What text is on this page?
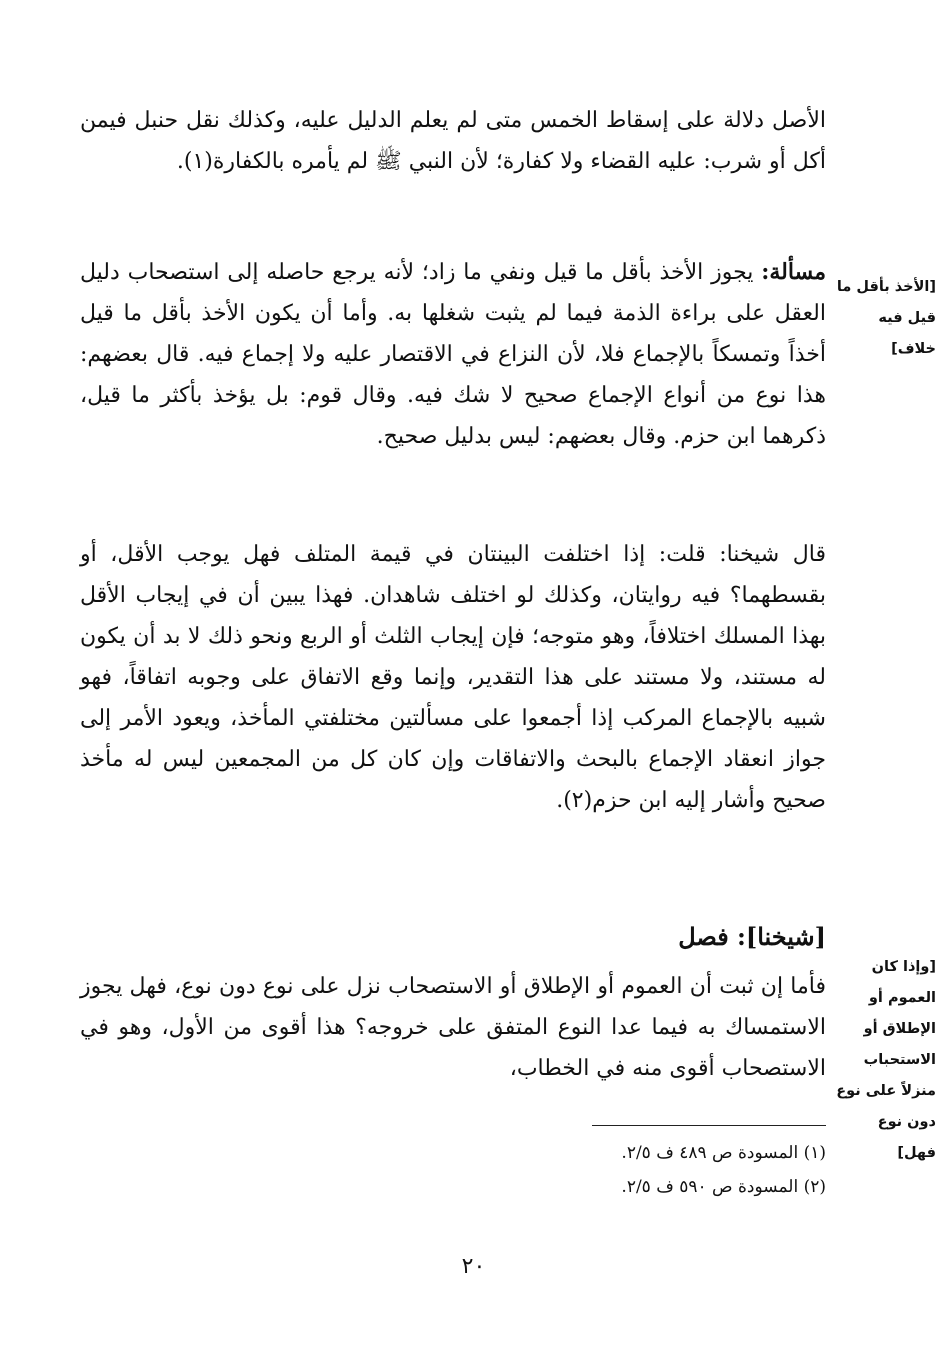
الأصل دلالة على إسقاط الخمس متى لم يعلم الدليل عليه، وكذلك نقل حنبل فيمن أكل أو شرب: عليه القضاء ولا كفارة؛ لأن النبي ﷺ لم يأمره بالكفارة(١).

مسألة: يجوز الأخذ بأقل ما قيل ونفي ما زاد؛ لأنه يرجع حاصله إلى استصحاب دليل العقل على براءة الذمة فيما لم يثبت شغلها به. وأما أن يكون الأخذ بأقل ما قيل أخذاً وتمسكاً بالإجماع فلا، لأن النزاع في الاقتصار عليه ولا إجماع فيه. قال بعضهم: هذا نوع من أنواع الإجماع صحيح لا شك فيه. وقال قوم: بل يؤخذ بأكثر ما قيل، ذكرهما ابن حزم. وقال بعضهم: ليس بدليل صحيح.

قال شيخنا: قلت: إذا اختلفت البينتان في قيمة المتلف فهل يوجب الأقل، أو بقسطهما؟ فيه روايتان، وكذلك لو اختلف شاهدان. فهذا يبين أن في إيجاب الأقل بهذا المسلك اختلافاً، وهو متوجه؛ فإن إيجاب الثلث أو الربع ونحو ذلك لا بد أن يكون له مستند، ولا مستند على هذا التقدير، وإنما وقع الاتفاق على وجوبه اتفاقاً، فهو شبيه بالإجماع المركب إذا أجمعوا على مسألتين مختلفتي المأخذ، ويعود الأمر إلى جواز انعقاد الإجماع بالبحث والاتفاقات وإن كان كل من المجمعين ليس له مأخذ صحيح وأشار إليه ابن حزم(٢).

[شيخنا]: فصل

فأما إن ثبت أن العموم أو الإطلاق أو الاستصحاب نزل على نوع دون نوع، فهل يجوز الاستمساك به فيما عدا النوع المتفق على خروجه؟ هذا أقوى من الأول، وهو في الاستصحاب أقوى منه في الخطاب،

[الأخذ بأقل ما قيل فيه خلاف]
[وإذا كان العموم أو الإطلاق أو الاستحباب منزلاً على نوع دون نوع فهل]
(١) المسودة ص ٤٨٩ ف ٢/٥.
(٢) المسودة ص ٥٩٠ ف ٢/٥.
٢٠
